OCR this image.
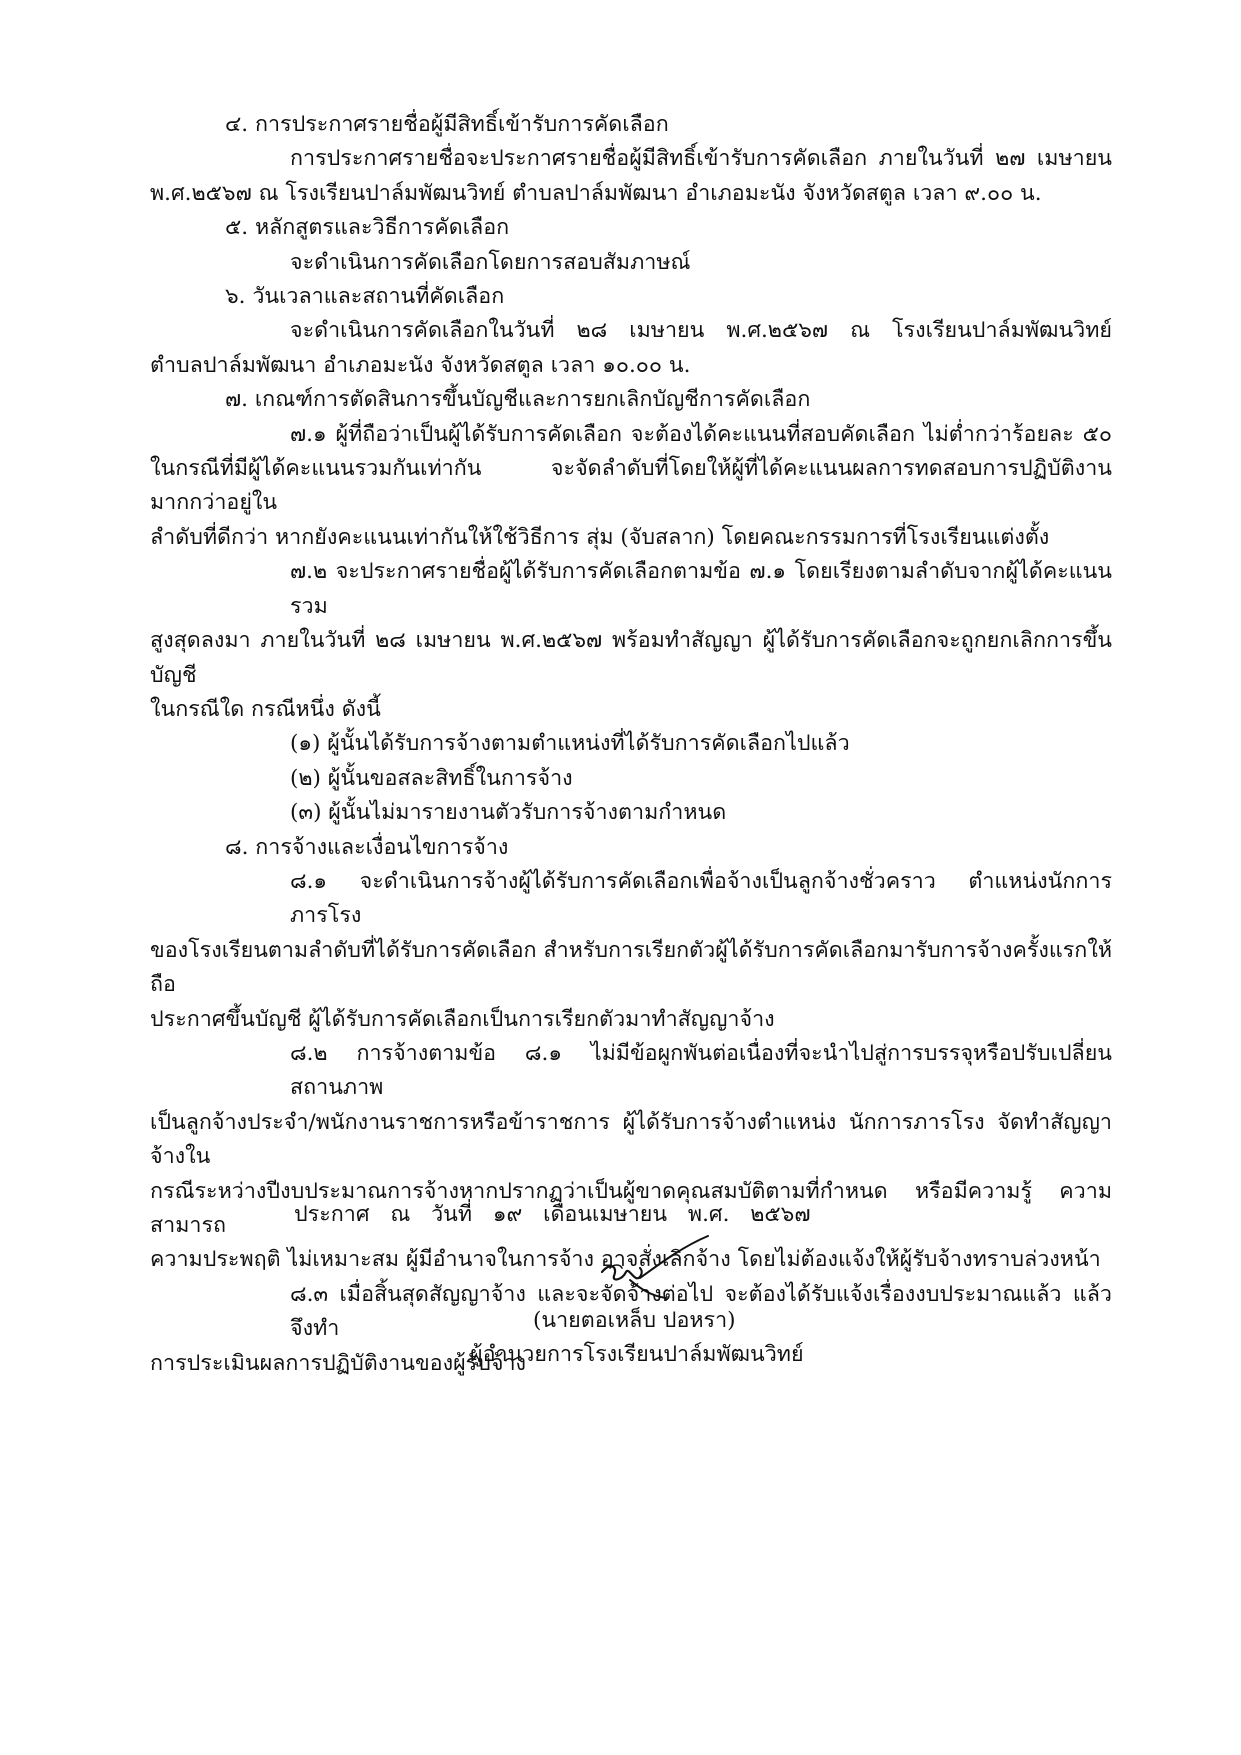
๔. การประกาศรายชื่อผู้มีสิทธิ์เข้ารับการคัดเลือก

การประกาศรายชื่อจะประกาศรายชื่อผู้มีสิทธิ์เข้ารับการคัดเลือก ภายในวันที่ ๒๗ เมษายน

พ.ศ.๒๕๖๗ ณ โรงเรียนปาล์มพัฒนวิทย์ ตำบลปาล์มพัฒนา อำเภอมะนัง จังหวัดสตูล เวลา ๙.๐๐ น.

๕. หลักสูตรและวิธีการคัดเลือก

จะดำเนินการคัดเลือกโดยการสอบสัมภาษณ์

๖. วันเวลาและสถานที่คัดเลือก

จะดำเนินการคัดเลือกในวันที่ ๒๘ เมษายน พ.ศ.๒๕๖๗ ณ โรงเรียนปาล์มพัฒนวิทย์

ตำบลปาล์มพัฒนา อำเภอมะนัง จังหวัดสตูล เวลา ๑๐.๐๐ น.

๗. เกณฑ์การตัดสินการขึ้นบัญชีและการยกเลิกบัญชีการคัดเลือก

๗.๑ ผู้ที่ถือว่าเป็นผู้ได้รับการคัดเลือก จะต้องได้คะแนนที่สอบคัดเลือก ไม่ต่ำกว่าร้อยละ ๕๐

ในกรณีที่มีผู้ได้คะแนนรวมกันเท่ากัน จะจัดลำดับที่โดยให้ผู้ที่ได้คะแนนผลการทดสอบการปฏิบัติงานมากกว่าอยู่ใน

ลำดับที่ดีกว่า หากยังคะแนนเท่ากันให้ใช้วิธีการ สุ่ม (จับสลาก) โดยคณะกรรมการที่โรงเรียนแต่งตั้ง

๗.๒ จะประกาศรายชื่อผู้ได้รับการคัดเลือกตามข้อ ๗.๑ โดยเรียงตามลำดับจากผู้ได้คะแนนรวม

สูงสุดลงมา ภายในวันที่ ๒๘ เมษายน พ.ศ.๒๕๖๗ พร้อมทำสัญญา ผู้ได้รับการคัดเลือกจะถูกยกเลิกการขึ้นบัญชี

ในกรณีใด กรณีหนึ่ง ดังนี้

(๑) ผู้นั้นได้รับการจ้างตามตำแหน่งที่ได้รับการคัดเลือกไปแล้ว

(๒) ผู้นั้นขอสละสิทธิ์ในการจ้าง

(๓) ผู้นั้นไม่มารายงานตัวรับการจ้างตามกำหนด

๘. การจ้างและเงื่อนไขการจ้าง

๘.๑ จะดำเนินการจ้างผู้ได้รับการคัดเลือกเพื่อจ้างเป็นลูกจ้างชั่วคราว ตำแหน่งนักการภารโรง

ของโรงเรียนตามลำดับที่ได้รับการคัดเลือก สำหรับการเรียกตัวผู้ได้รับการคัดเลือกมารับการจ้างครั้งแรกให้ถือ

ประกาศขึ้นบัญชี ผู้ได้รับการคัดเลือกเป็นการเรียกตัวมาทำสัญญาจ้าง

๘.๒ การจ้างตามข้อ ๘.๑ ไม่มีข้อผูกพันต่อเนื่องที่จะนำไปสู่การบรรจุหรือปรับเปลี่ยนสถานภาพ

เป็นลูกจ้างประจำ/พนักงานราชการหรือข้าราชการ ผู้ได้รับการจ้างตำแหน่ง นักการภารโรง จัดทำสัญญาจ้างใน

กรณีระหว่างปีงบประมาณการจ้างหากปรากฏว่าเป็นผู้ขาดคุณสมบัติตามที่กำหนด หรือมีความรู้ ความสามารถ

ความประพฤติ ไม่เหมาะสม ผู้มีอำนาจในการจ้าง อาจสั่งเลิกจ้าง โดยไม่ต้องแจ้งให้ผู้รับจ้างทราบล่วงหน้า

๘.๓ เมื่อสิ้นสุดสัญญาจ้าง และจะจัดจ้างต่อไป จะต้องได้รับแจ้งเรื่องงบประมาณแล้ว แล้วจึงทำ

การประเมินผลการปฏิบัติงานของผู้รับจ้าง

ประกาศ ณ วันที่ ๑๙ เดือนเมษายน พ.ศ. ๒๕๖๗
(นายตอเหล็บ ปอหรา)
ผู้อำนวยการโรงเรียนปาล์มพัฒนวิทย์
